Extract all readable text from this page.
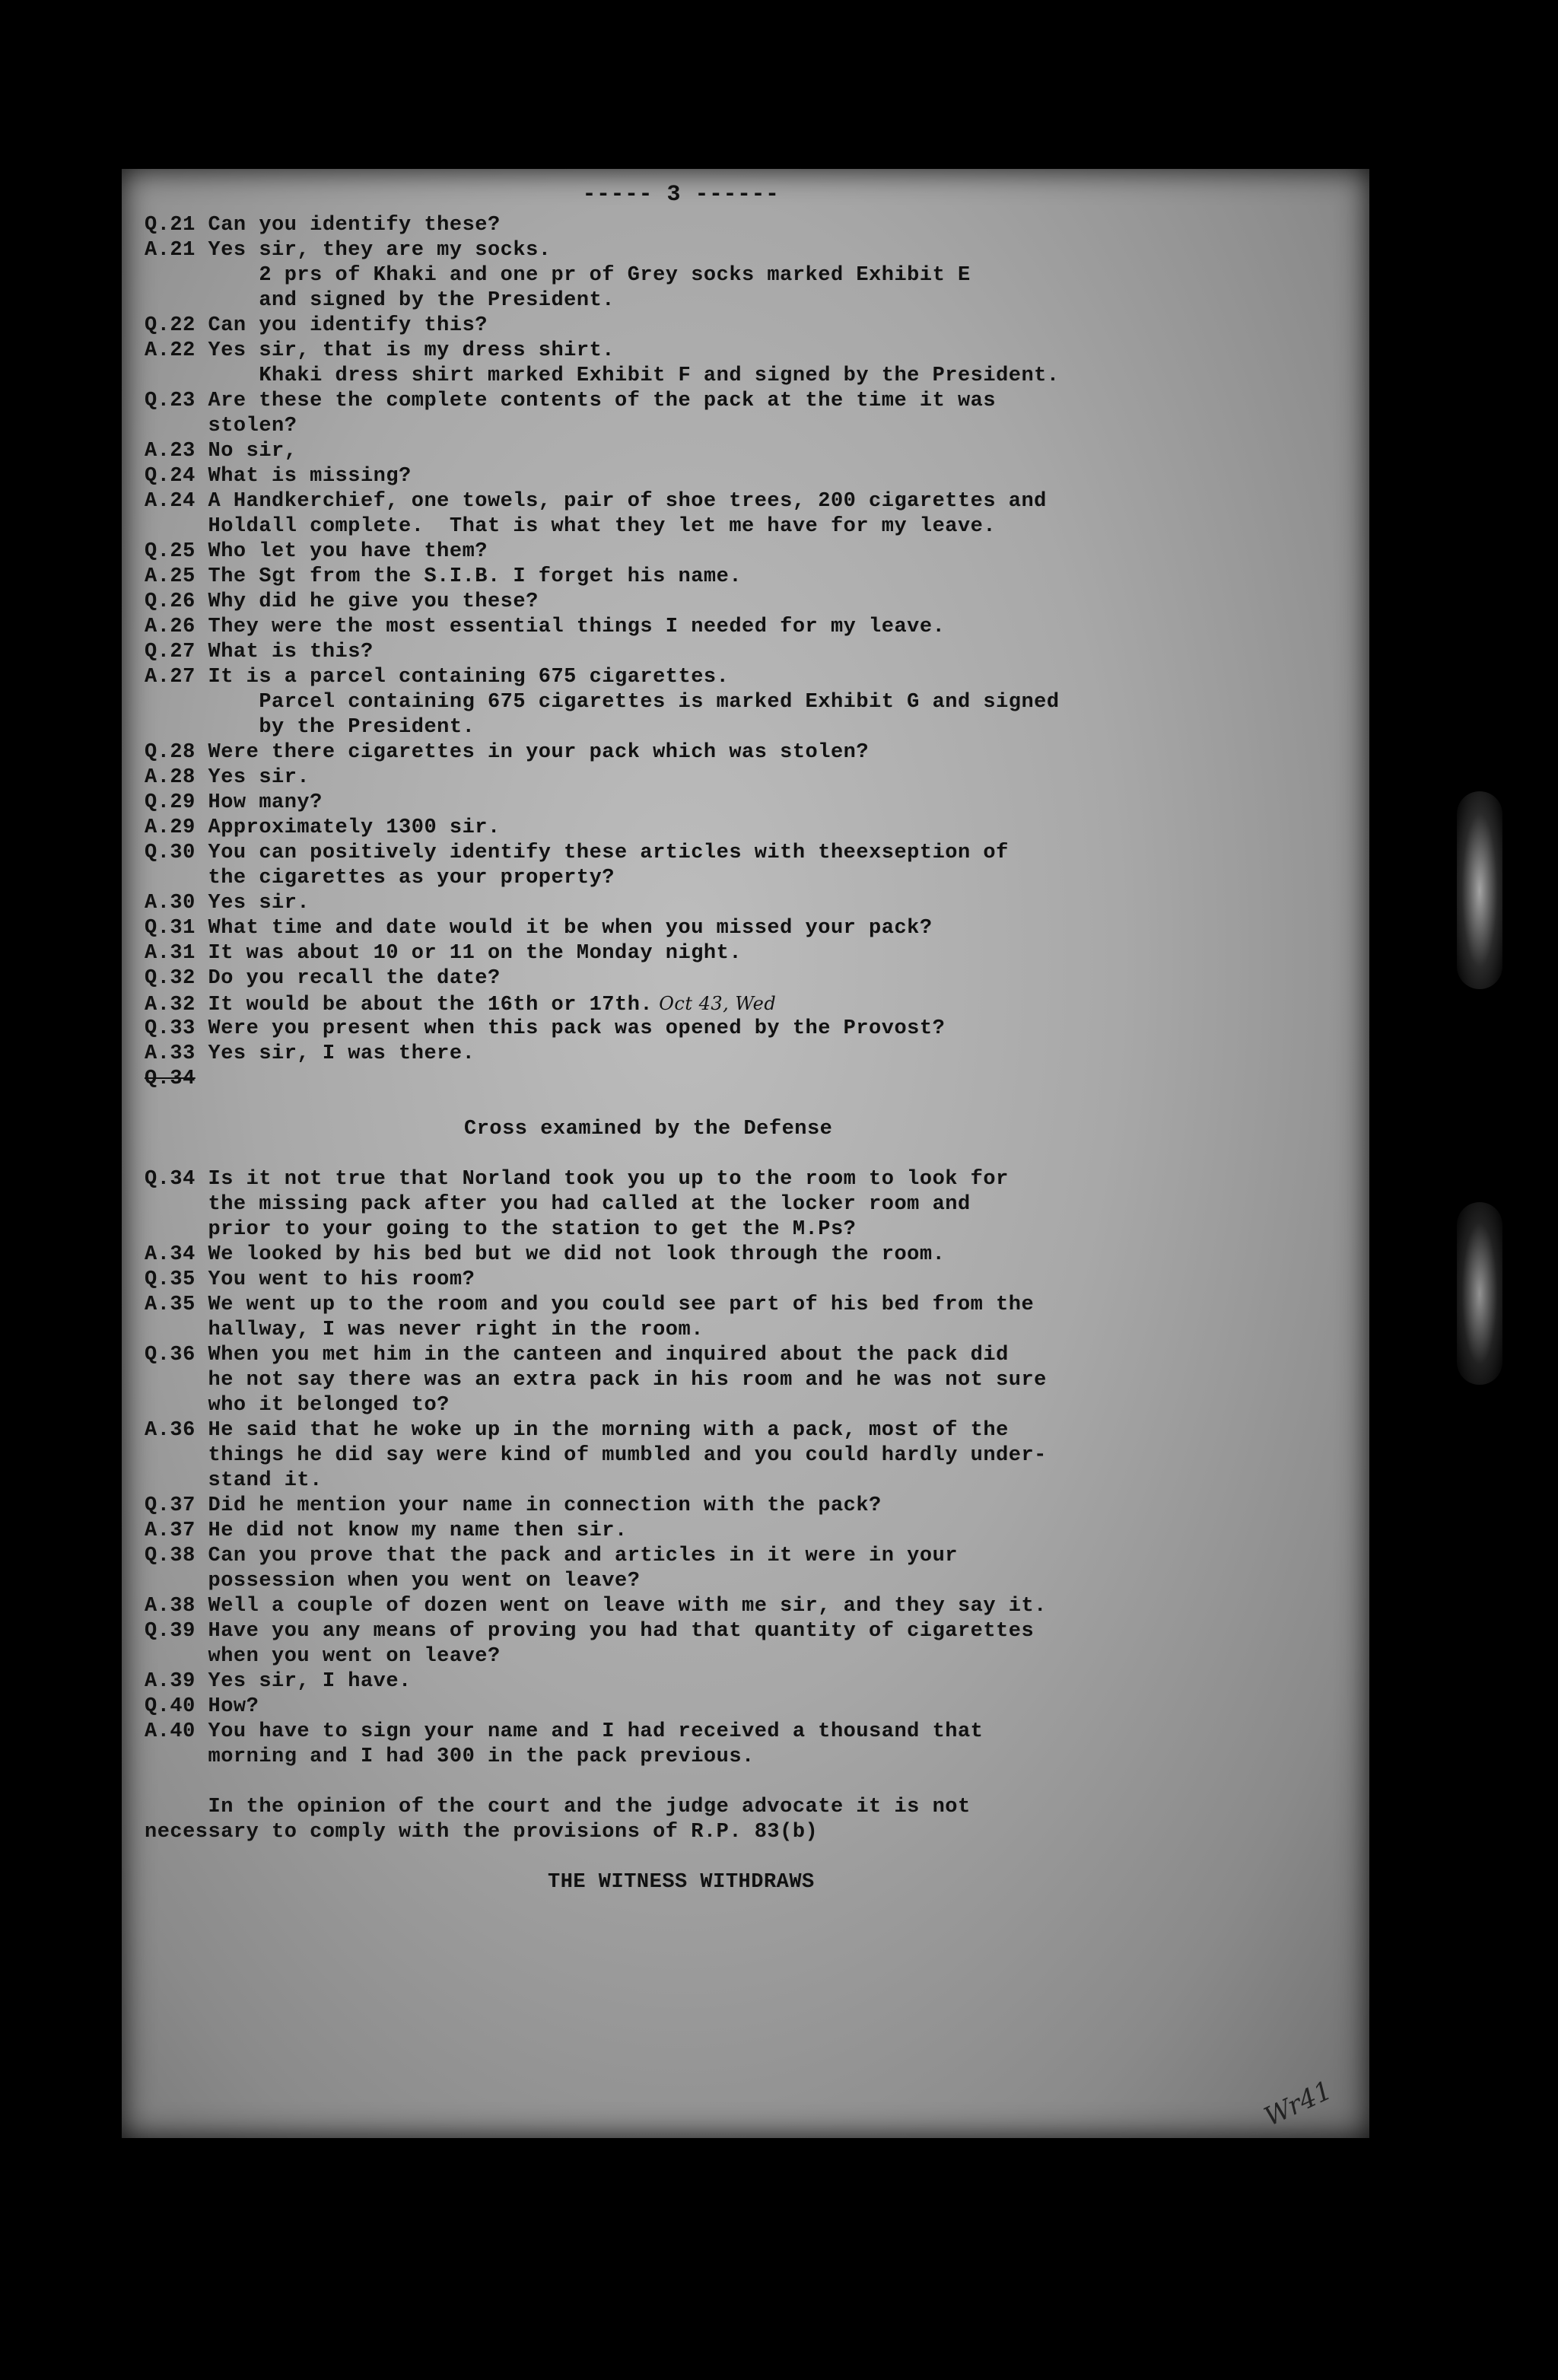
----- 3 ------
Q.21 Can you identify these?
A.21 Yes sir, they are my socks.
2 prs of Khaki and one pr of Grey socks marked Exhibit E
and signed by the President.
Q.22 Can you identify this?
A.22 Yes sir, that is my dress shirt.
Khaki dress shirt marked Exhibit F and signed by the President.
Q.23 Are these the complete contents of the pack at the time it was
stolen?
A.23 No sir,
Q.24 What is missing?
A.24 A Handkerchief, one towels, pair of shoe trees, 200 cigarettes and
Holdall complete.  That is what they let me have for my leave.
Q.25 Who let you have them?
A.25 The Sgt from the S.I.B. I forget his name.
Q.26 Why did he give you these?
A.26 They were the most essential things I needed for my leave.
Q.27 What is this?
A.27 It is a parcel containing 675 cigarettes.
Parcel containing 675 cigarettes is marked Exhibit G and signed
by the President.
Q.28 Were there cigarettes in your pack which was stolen?
A.28 Yes sir.
Q.29 How many?
A.29 Approximately 1300 sir.
Q.30 You can positively identify these articles with theexseption of
the cigarettes as your property?
A.30 Yes sir.
Q.31 What time and date would it be when you missed your pack?
A.31 It was about 10 or 11 on the Monday night.
Q.32 Do you recall the date?
A.32 It would be about the 16th or 17th. Oct 43, Wed
Q.33 Were you present when this pack was opened by the Provost?
A.33 Yes sir, I was there.
Q.34
Cross examined by the Defense
Q.34 Is it not true that Norland took you up to the room to look for
the missing pack after you had called at the locker room and
prior to your going to the station to get the M.Ps?
A.34 We looked by his bed but we did not look through the room.
Q.35 You went to his room?
A.35 We went up to the room and you could see part of his bed from the
hallway, I was never right in the room.
Q.36 When you met him in the canteen and inquired about the pack did
he not say there was an extra pack in his room and he was not sure
who it belonged to?
A.36 He said that he woke up in the morning with a pack, most of the
things he did say were kind of mumbled and you could hardly under-
stand it.
Q.37 Did he mention your name in connection with the pack?
A.37 He did not know my name then sir.
Q.38 Can you prove that the pack and articles in it were in your
possession when you went on leave?
A.38 Well a couple of dozen went on leave with me sir, and they say it.
Q.39 Have you any means of proving you had that quantity of cigarettes
when you went on leave?
A.39 Yes sir, I have.
Q.40 How?
A.40 You have to sign your name and I had received a thousand that
morning and I had 300 in the pack previous.
In the opinion of the court and the judge advocate it is not
necessary to comply with the provisions of R.P. 83(b)
THE WITNESS WITHDRAWS
Wr41
